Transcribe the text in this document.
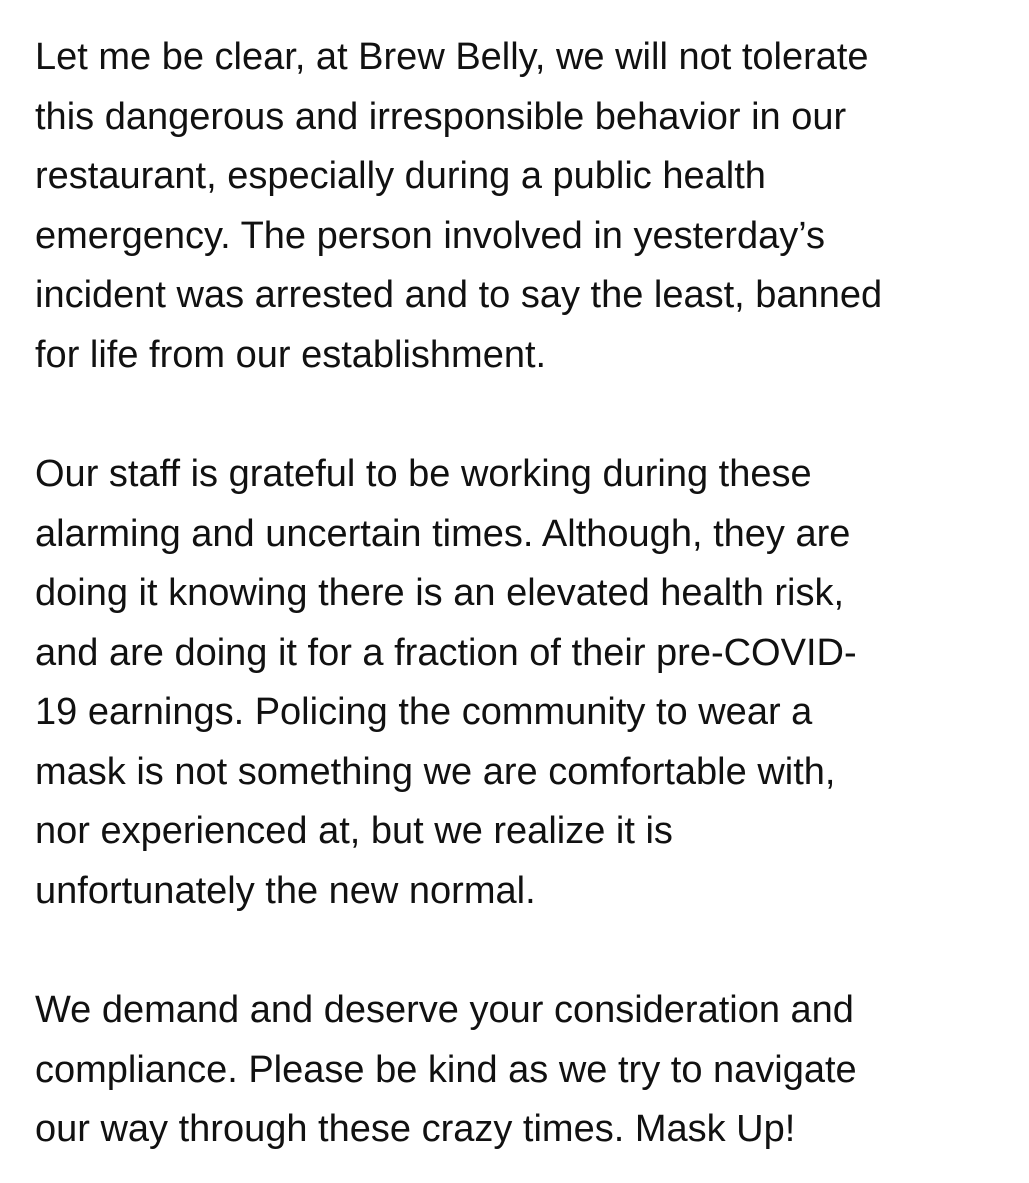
Let me be clear, at Brew Belly, we will not tolerate
this dangerous and irresponsible behavior in our
restaurant, especially during a public health
emergency. The person involved in yesterday’s
incident was arrested and to say the least, banned
for life from our establishment.

Our staff is grateful to be working during these
alarming and uncertain times. Although, they are
doing it knowing there is an elevated health risk,
and are doing it for a fraction of their pre-COVID-
19 earnings. Policing the community to wear a
mask is not something we are comfortable with,
nor experienced at, but we realize it is
unfortunately the new normal.

We demand and deserve your consideration and
compliance. Please be kind as we try to navigate
our way through these crazy times. Mask Up!
